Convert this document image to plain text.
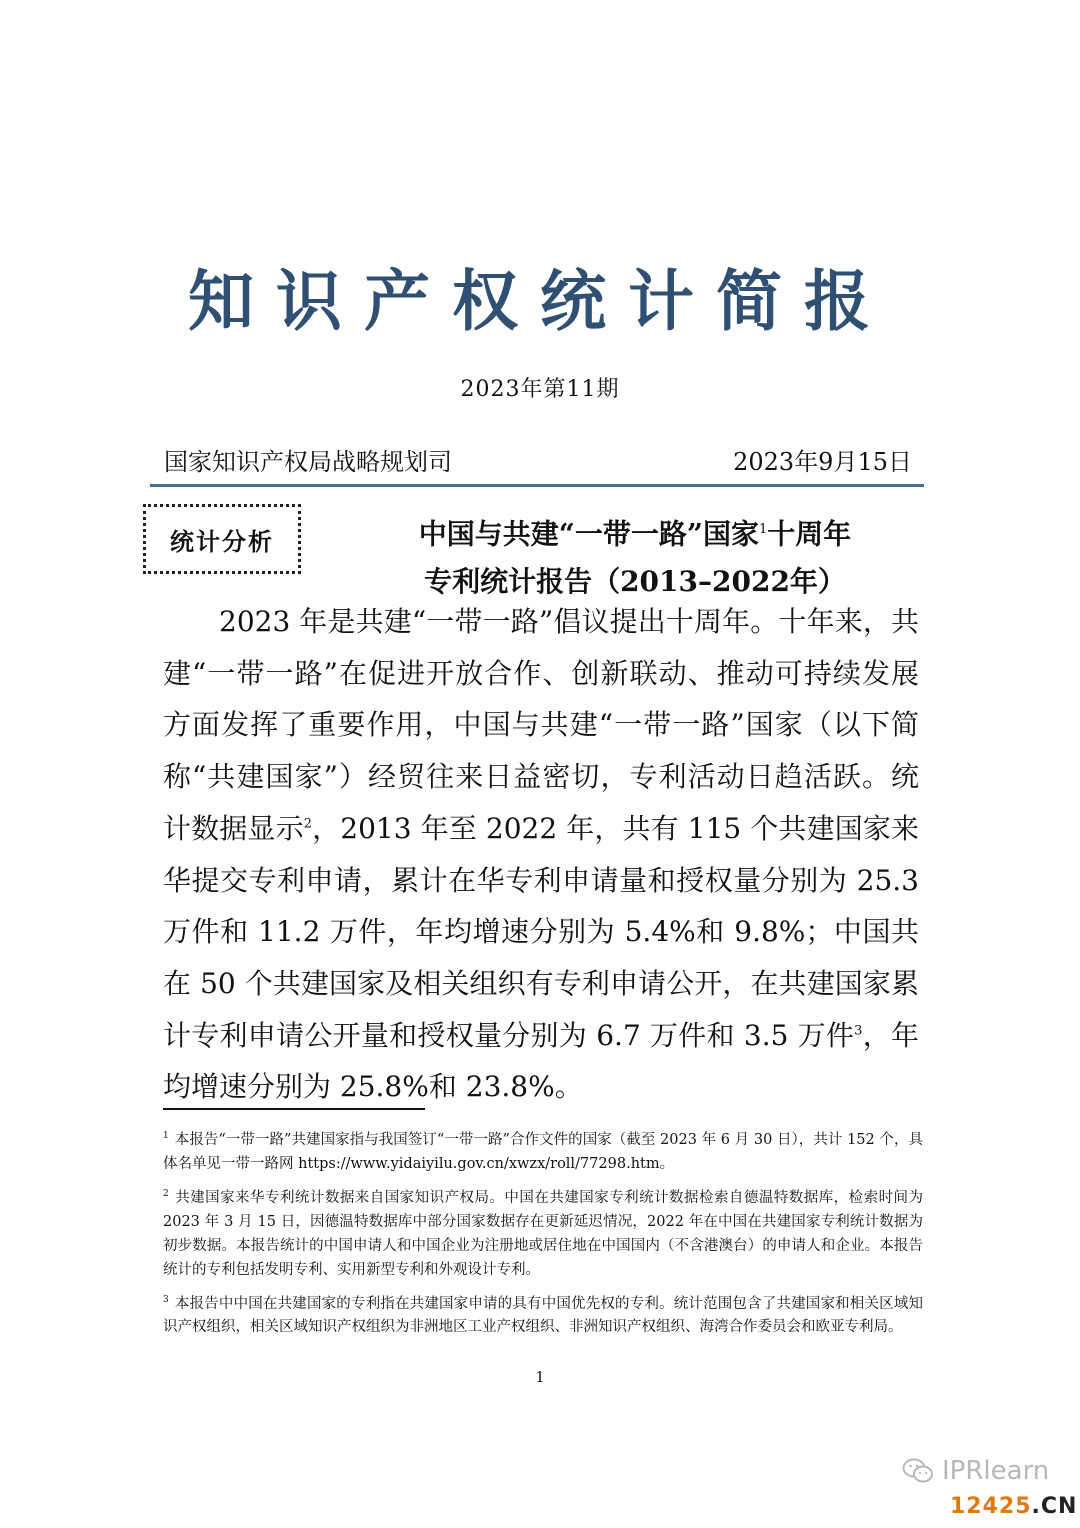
知识产权统计简报
2023年第11期
国家知识产权局战略规划司	2023年9月15日
统计分析	中国与共建“一带一路”国家$^1$十周年
专利统计报告（2013–2022年）
2023 年是共建“一带一路”倡议提出十周年。十年来，共建“一带一路”在促进开放合作、创新联动、推动可持续发展方面发挥了重要作用，中国与共建“一带一路”国家（以下简称“共建国家”）经贸往来日益密切，专利活动日趋活跃。统计数据显示$^2$，2013 年至 2022 年，共有 115 个共建国家来华提交专利申请，累计在华专利申请量和授权量分别为 25.3 万件和 11.2 万件，年均增速分别为 5.4%和 9.8%；中国共在 50 个共建国家及相关组织有专利申请公开，在共建国家累计专利申请公开量和授权量分别为 6.7 万件和 3.5 万件$^3$，年均增速分别为 25.8%和 23.8%。
$^1$ 本报告“一带一路”共建国家指与我国签订“一带一路”合作文件的国家（截至 2023 年 6 月 30 日），共计 152 个，具体名单见一带一路网 https://www.yidaiyilu.gov.cn/xwzx/roll/77298.htm。
$^2$ 共建国家来华专利统计数据来自国家知识产权局。中国在共建国家专利统计数据检索自德温特数据库，检索时间为 2023 年 3 月 15 日，因德温特数据库中部分国家数据存在更新延迟情况，2022 年在中国在共建国家专利统计数据为初步数据。本报告统计的中国申请人和中国企业为注册地或居住地在中国国内（不含港澳台）的申请人和企业。本报告统计的专利包括发明专利、实用新型专利和外观设计专利。
$^3$ 本报告中中国在共建国家的专利指在共建国家申请的具有中国优先权的专利。统计范围包含了共建国家和相关区域知识产权组织，相关区域知识产权组织为非洲地区工业产权组织、非洲知识产权组织、海湾合作委员会和欧亚专利局。
1
IPRlearn
12425.CN
